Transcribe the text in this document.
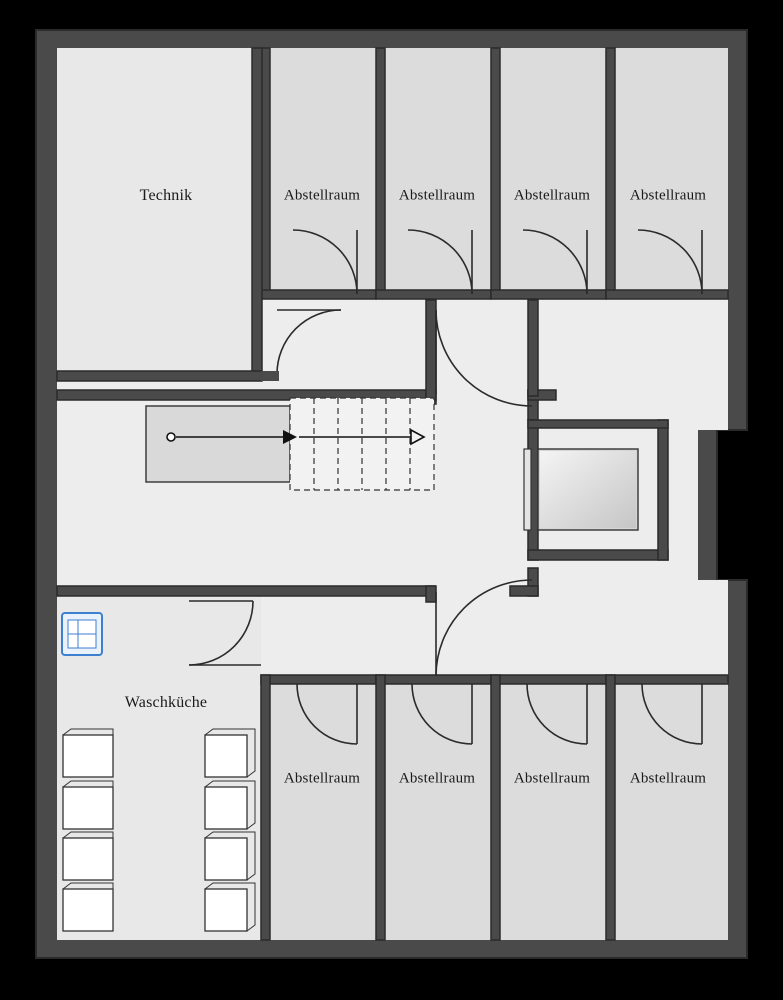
Technik	Abstellraum	Abstellraum	Abstellraum	Abstellraum
Waschküche
Abstellraum	Abstellraum	Abstellraum	Abstellraum
